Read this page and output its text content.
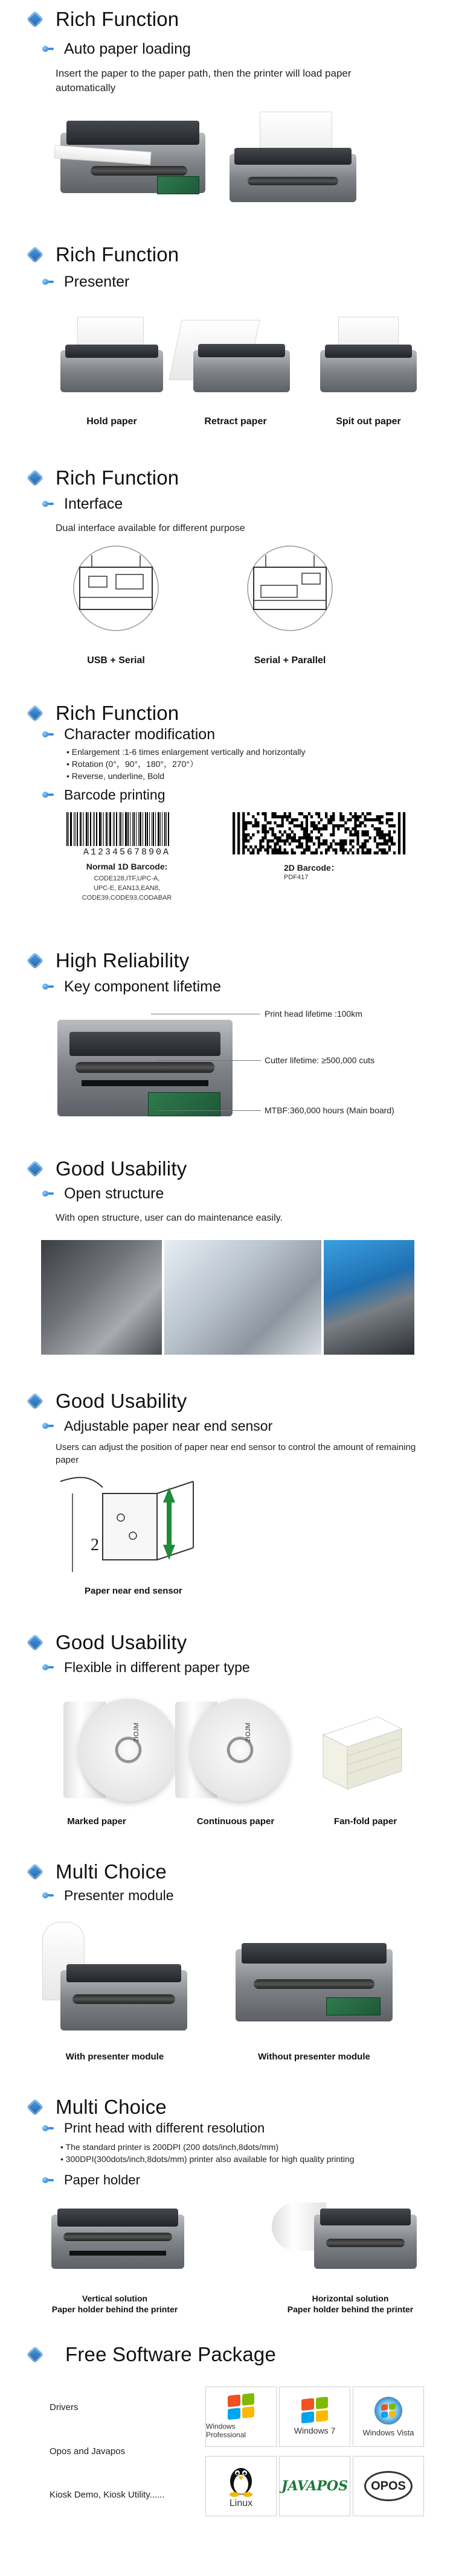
Rich Function
Auto paper loading
Insert the paper to the paper path, then the printer will load paper automatically
Rich Function
Presenter
Hold paper	Retract paper	Spit out paper
Rich Function
Interface
Dual interface available for different purpose
USB + Serial	Serial + Parallel
Rich Function
Character modification
• Enlargement :1-6 times enlargement vertically and horizontally
• Rotation (0°，90°，180°，270°）
• Reverse, underline, Bold
Barcode printing
A1234567890A
Normal 1D Barcode:
CODE128,ITF,UPC-A,
UPC-E, EAN13,EAN8,
CODE39,CODE93,CODABAR
2D Barcode：
PDF417
High Reliability
Key component lifetime
Print head lifetime :100km
Cutter lifetime: ≥500,000 cuts
MTBF:360,000 hours (Main board)
Good Usability
Open structure
With open structure, user can do maintenance easily.
Good Usability
Adjustable paper near end sensor
Users can adjust the position of paper near end sensor to control the amount of remaining paper
2
Paper near end sensor
Good Usability
Flexible in different paper type
2IOJM	2IOJM
Marked paper	Continuous paper	Fan-fold paper
Multi Choice
Presenter module
With presenter module	Without presenter module
Multi Choice
Print head with different resolution
• The standard printer is 200DPI (200 dots/inch,8dots/mm)
• 300DPI(300dots/inch,8dots/mm) printer also available for high quality printing
Paper holder
Vertical solution
Paper holder behind the printer
Horizontal solution
Paper holder behind the printer
Free Software Package
Drivers
Opos and Javapos
Kiosk Demo, Kiosk Utility......
Windows Professional	Windows 7	Windows Vista
Linux
JAVAPOS	OPOS
